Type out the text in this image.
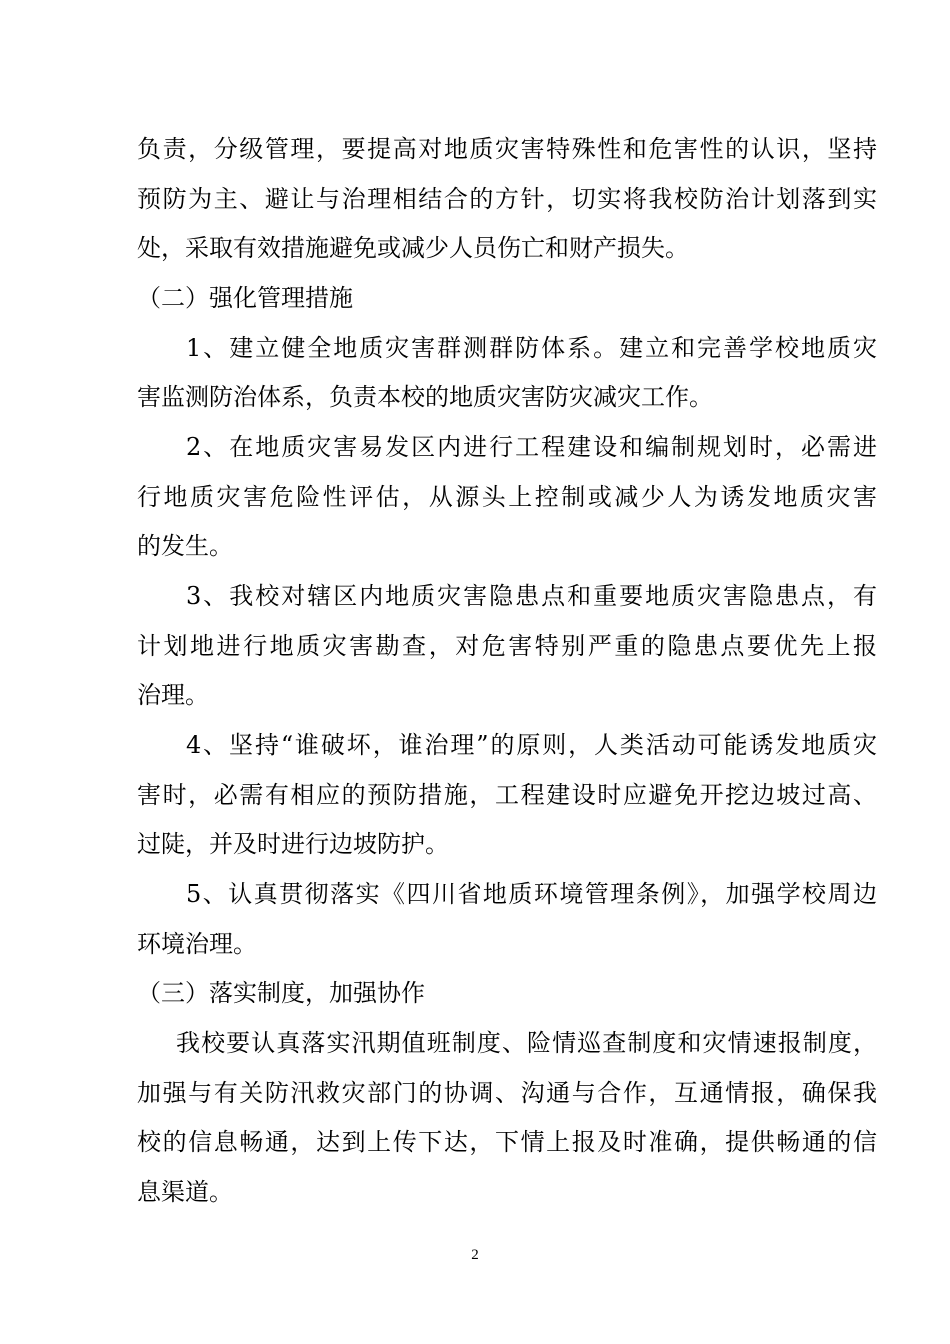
负责，分级管理，要提高对地质灾害特殊性和危害性的认识，坚持
预防为主、避让与治理相结合的方针，切实将我校防治计划落到实
处，采取有效措施避免或减少人员伤亡和财产损失。
（二）强化管理措施
1、建立健全地质灾害群测群防体系。建立和完善学校地质灾
害监测防治体系，负责本校的地质灾害防灾减灾工作。
2、在地质灾害易发区内进行工程建设和编制规划时，必需进
行地质灾害危险性评估，从源头上控制或减少人为诱发地质灾害
的发生。
3、我校对辖区内地质灾害隐患点和重要地质灾害隐患点，有
计划地进行地质灾害勘查，对危害特别严重的隐患点要优先上报
治理。
4、坚持“谁破坏，谁治理”的原则，人类活动可能诱发地质灾
害时，必需有相应的预防措施，工程建设时应避免开挖边坡过高、
过陡，并及时进行边坡防护。
5、认真贯彻落实《四川省地质环境管理条例》，加强学校周边
环境治理。
（三）落实制度，加强协作
我校要认真落实汛期值班制度、险情巡查制度和灾情速报制度，
加强与有关防汛救灾部门的协调、沟通与合作，互通情报，确保我
校的信息畅通，达到上传下达，下情上报及时准确，提供畅通的信
息渠道。
2
